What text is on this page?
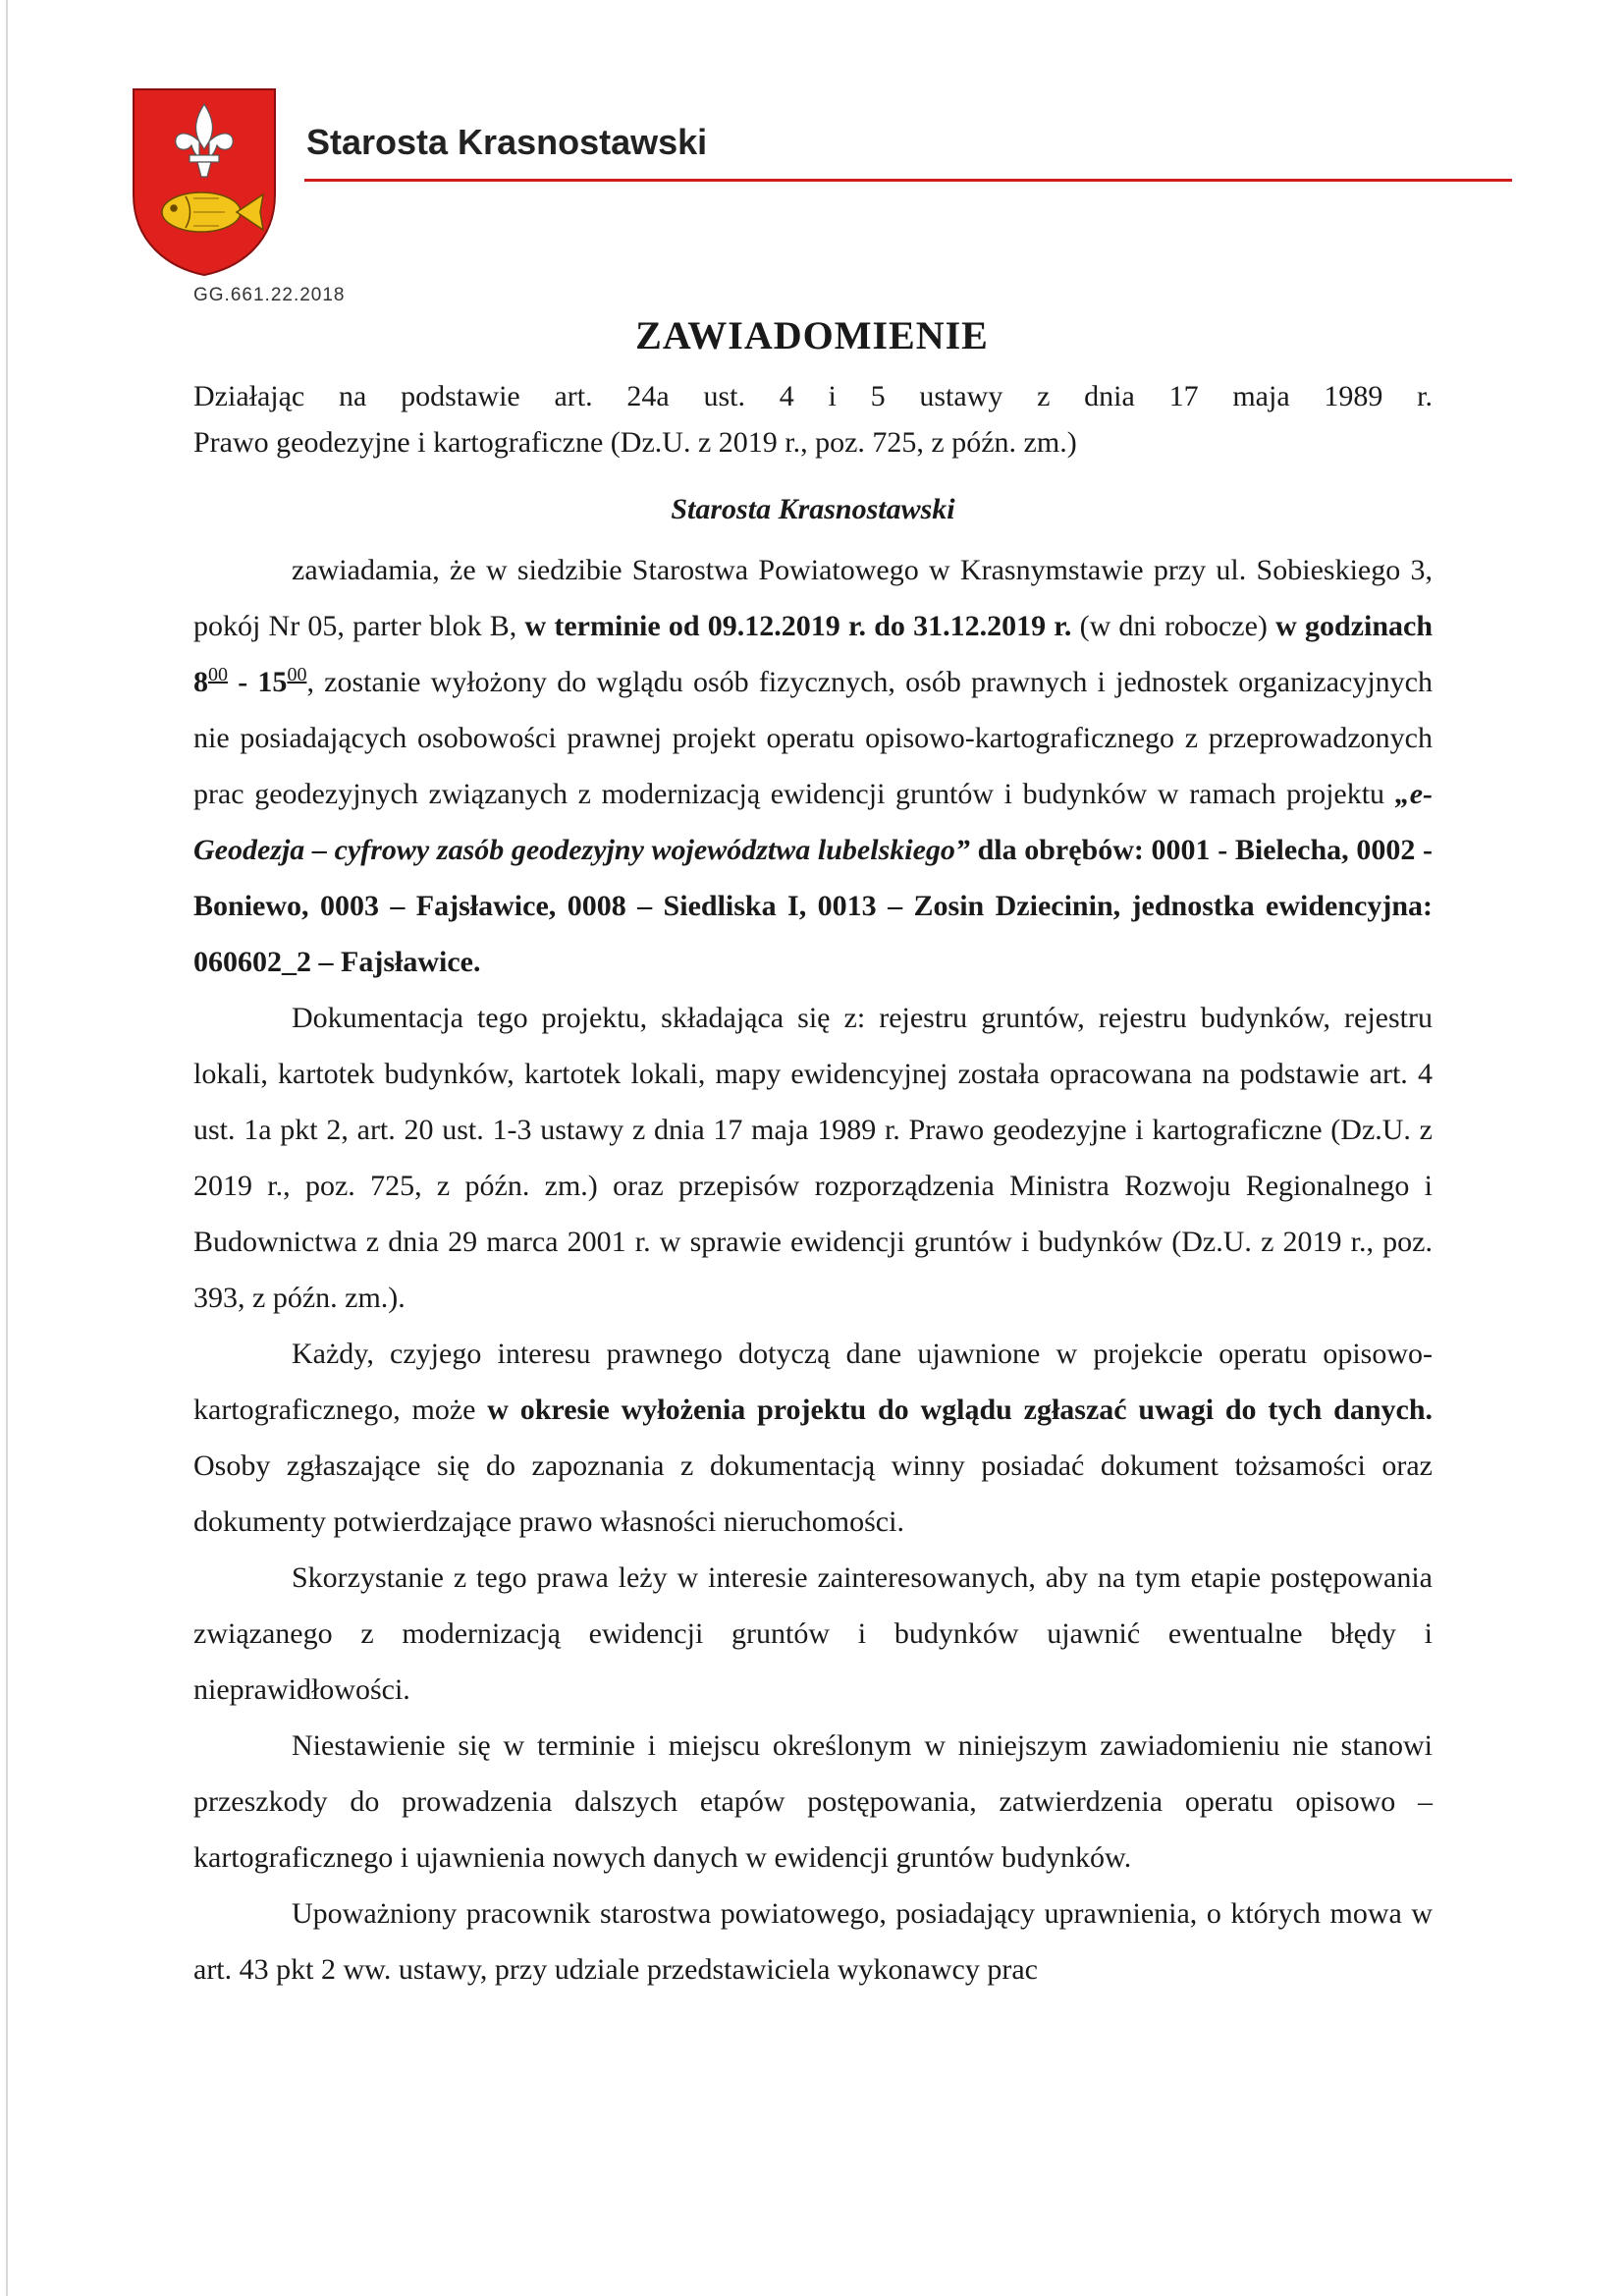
Starosta Krasnostawski
GG.661.22.2018
ZAWIADOMIENIE
Działając na podstawie art. 24a ust. 4 i 5 ustawy z dnia 17 maja 1989 r.
Prawo geodezyjne i kartograficzne (Dz.U. z 2019 r., poz. 725, z późn. zm.)
Starosta Krasnostawski

zawiadamia, że w siedzibie Starostwa Powiatowego w Krasnymstawie przy ul. Sobieskiego 3, pokój Nr 05, parter blok B, w terminie od 09.12.2019 r. do 31.12.2019 r. (w dni robocze) w godzinach $8^{00} - 15^{00}$, zostanie wyłożony do wglądu osób fizycznych, osób prawnych i jednostek organizacyjnych nie posiadających osobowości prawnej projekt operatu opisowo-kartograficznego z przeprowadzonych prac geodezyjnych związanych z modernizacją ewidencji gruntów i budynków w ramach projektu „e-Geodezja – cyfrowy zasób geodezyjny województwa lubelskiego” dla obrębów: 0001 - Bielecha, 0002 - Boniewo, 0003 – Fajsławice, 0008 – Siedliska I, 0013 – Zosin Dziecinin, jednostka ewidencyjna: 060602_2 – Fajsławice.

Dokumentacja tego projektu, składająca się z: rejestru gruntów, rejestru budynków, rejestru lokali, kartotek budynków, kartotek lokali, mapy ewidencyjnej została opracowana na podstawie art. 4 ust. 1a pkt 2, art. 20 ust. 1-3 ustawy z dnia 17 maja 1989 r. Prawo geodezyjne i kartograficzne (Dz.U. z 2019 r., poz. 725, z późn. zm.) oraz przepisów rozporządzenia Ministra Rozwoju Regionalnego i Budownictwa z dnia 29 marca 2001 r. w sprawie ewidencji gruntów i budynków (Dz.U. z 2019 r., poz. 393, z późn. zm.).

Każdy, czyjego interesu prawnego dotyczą dane ujawnione w projekcie operatu opisowo-kartograficznego, może w okresie wyłożenia projektu do wglądu zgłaszać uwagi do tych danych. Osoby zgłaszające się do zapoznania z dokumentacją winny posiadać dokument tożsamości oraz dokumenty potwierdzające prawo własności nieruchomości.

Skorzystanie z tego prawa leży w interesie zainteresowanych, aby na tym etapie postępowania związanego z modernizacją ewidencji gruntów i budynków ujawnić ewentualne błędy i nieprawidłowości.

Niestawienie się w terminie i miejscu określonym w niniejszym zawiadomieniu nie stanowi przeszkody do prowadzenia dalszych etapów postępowania, zatwierdzenia operatu opisowo – kartograficznego i ujawnienia nowych danych w ewidencji gruntów budynków.

Upoważniony pracownik starostwa powiatowego, posiadający uprawnienia, o których mowa w art. 43 pkt 2 ww. ustawy, przy udziale przedstawiciela wykonawcy prac
